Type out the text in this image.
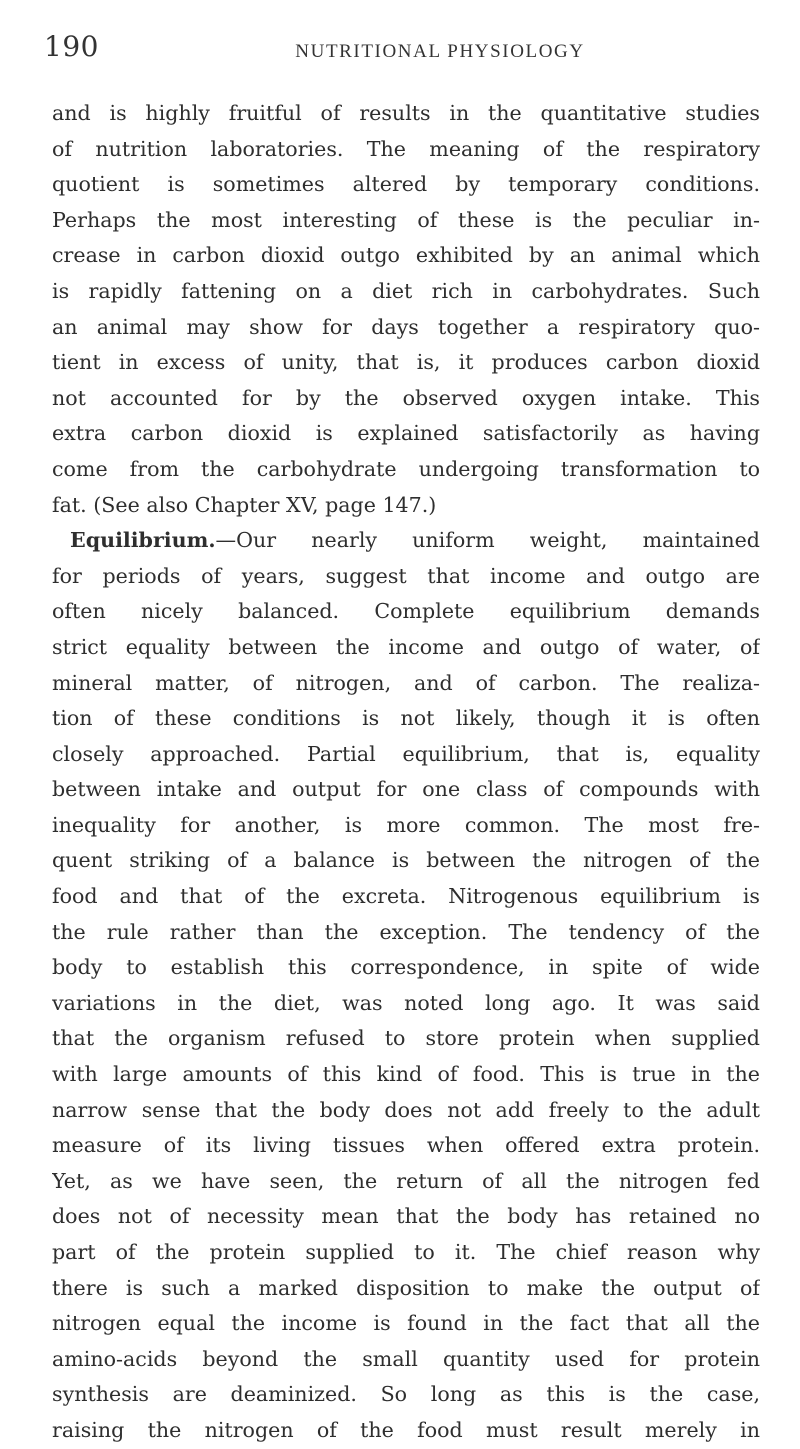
190	NUTRITIONAL PHYSIOLOGY
and is highly fruitful of results in the quantitative studies
of nutrition laboratories. The meaning of the respiratory
quotient is sometimes altered by temporary conditions.
Perhaps the most interesting of these is the peculiar in-
crease in carbon dioxid outgo exhibited by an animal which
is rapidly fattening on a diet rich in carbohydrates. Such
an animal may show for days together a respiratory quo-
tient in excess of unity, that is, it produces carbon dioxid
not accounted for by the observed oxygen intake. This
extra carbon dioxid is explained satisfactorily as having
come from the carbohydrate undergoing transformation to
fat. (See also Chapter XV, page 147.)
Equilibrium.—Our nearly uniform weight, maintained
for periods of years, suggest that income and outgo are
often nicely balanced. Complete equilibrium demands
strict equality between the income and outgo of water, of
mineral matter, of nitrogen, and of carbon. The realiza-
tion of these conditions is not likely, though it is often
closely approached. Partial equilibrium, that is, equality
between intake and output for one class of compounds with
inequality for another, is more common. The most fre-
quent striking of a balance is between the nitrogen of the
food and that of the excreta. Nitrogenous equilibrium is
the rule rather than the exception. The tendency of the
body to establish this correspondence, in spite of wide
variations in the diet, was noted long ago. It was said
that the organism refused to store protein when supplied
with large amounts of this kind of food. This is true in the
narrow sense that the body does not add freely to the adult
measure of its living tissues when offered extra protein.
Yet, as we have seen, the return of all the nitrogen fed
does not of necessity mean that the body has retained no
part of the protein supplied to it. The chief reason why
there is such a marked disposition to make the output of
nitrogen equal the income is found in the fact that all the
amino-acids beyond the small quantity used for protein
synthesis are deaminized. So long as this is the case,
raising the nitrogen of the food must result merely in
